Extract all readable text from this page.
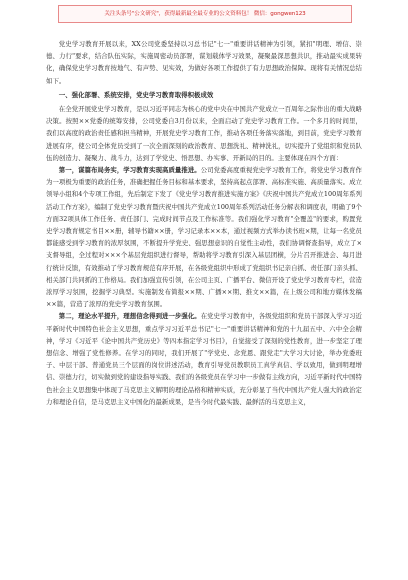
关注头条号"公文研究"，获得最新最全最专业的公文资料包！ 微信：gongwen123

党史学习教育开展以来，XX公司党委坚持以习总书记"七一"重要讲话精神为引领，紧扣"明理、增信、崇德、力行"要求，结合队伍实际，实施周密动员部署，谋划载体学习效果，凝聚最深思想共识，推动最实成果转化，确保党史学习教育按地气、有声势、见实效，为做好各项工作提供了有力思想政治保障。现将有关情况总结如下。

一、强化部署、系统安排，党史学习教育取得积极成效

在全党开展党史学习教育，是以习近平同志为核心的党中央在中国共产党成立一百周年之际作出的重大战略决策。按照××党委的统筹安排，公司党委自3月份以来，全面启动了党史学习教育工作。一个多月的时间里，我们以高度的政治责任感和担当精神，开展党史学习教育工作，推动各项任务落实落地，到目前，党史学习教育进展有序，使公司全体党员受到了一次全面深刻的政治教育、思想洗礼、精神洗礼，切实提升了党组织和党员队伍的创造力、凝聚力、战斗力，达到了学党史、悟思想、办实事、开新局的目的。主要体现在四个方面：

第一，谋篇布局务实，学习教育实现高质量推进。公司党委高度重视党史学习教育工作，将党史学习教育作为一项极为重要的政治任务，准确把握任务目标和基本要求，坚持高起点部署、高标准实施、高质量落实。成立领导小组和4个专项工作组，先后制定下发了《党史学习教育推进实施方案》《庆祝中国共产党成立100周年系列活动工作方案》，编制了党史学习教育暨庆祝中国共产党成立100周年系列活动任务分解表和调度表，明确了9个方面32项具体工作任务、责任部门、完成时间节点及工作标准等。我们强化学习教育"全覆盖"的要求，购置党史学习教育规定书目××册，辅导书籍××册，学习记录本××本，通过视频方式举办读书班×期，让每一名党员都能感受到学习教育的浓厚氛围，不断提升学党史、强思想意识的自觉性主动性，我们协调督查指导，成立了×支督导组，全过程对×××个基层党组织进行督导，帮助将学习教育引深入基层团横，分片召开推进会、每月进行统计反馈，有效推动了学习教育规范有序开展，在各级党组织中形成了党组织书记亲自抓、责任部门亲头抓、相关部门共同抓的工作格局。我们加强宣传引领，在公司主页、广播平台、微信开设了党史学习教育专栏，营造浓厚学习氛围，挖掘学习典型。实施制发布简报××期、广播××期、推文××篇，在上级公司和地方媒体发稿××篇，营造了浓厚的党史学习教育氛围。

第二，理论水平提升，理想信念得到进一步强化。在党史学习教育中，各级党组织和党员干部深入学习习近平新时代中国特色社会主义思想，重点学习习近平总书记"七一"重要讲话精神和党的十九届五中、六中全会精神，学习《习近平《论中国共产党历史》等四本指定学习书目》，自觉接受了深刻的党性教育，进一步坚定了理想信念、增强了党性修养。在学习的同时，我们开展了"学党史、念党恩、跟党走"大学习大讨论，举办党委班子、中层干部、普通党员三个层面的岗位讲述活动，教育引导党员教职员工真学真信、学以致用，做到明理增信、崇德力行，切实做到党的建设指导实践、我们的各级党员在学习中一步做有主线方向，习近平新时代中国特色社会主义思想集中体现了马克思主义解明的理论品格和精神实质，充分彰显了当代中国共产党人强大的政治定力和理论自信，是马克思主义中国化的最新成果，是当今时代最实践、最鲜活的马克思主义，
